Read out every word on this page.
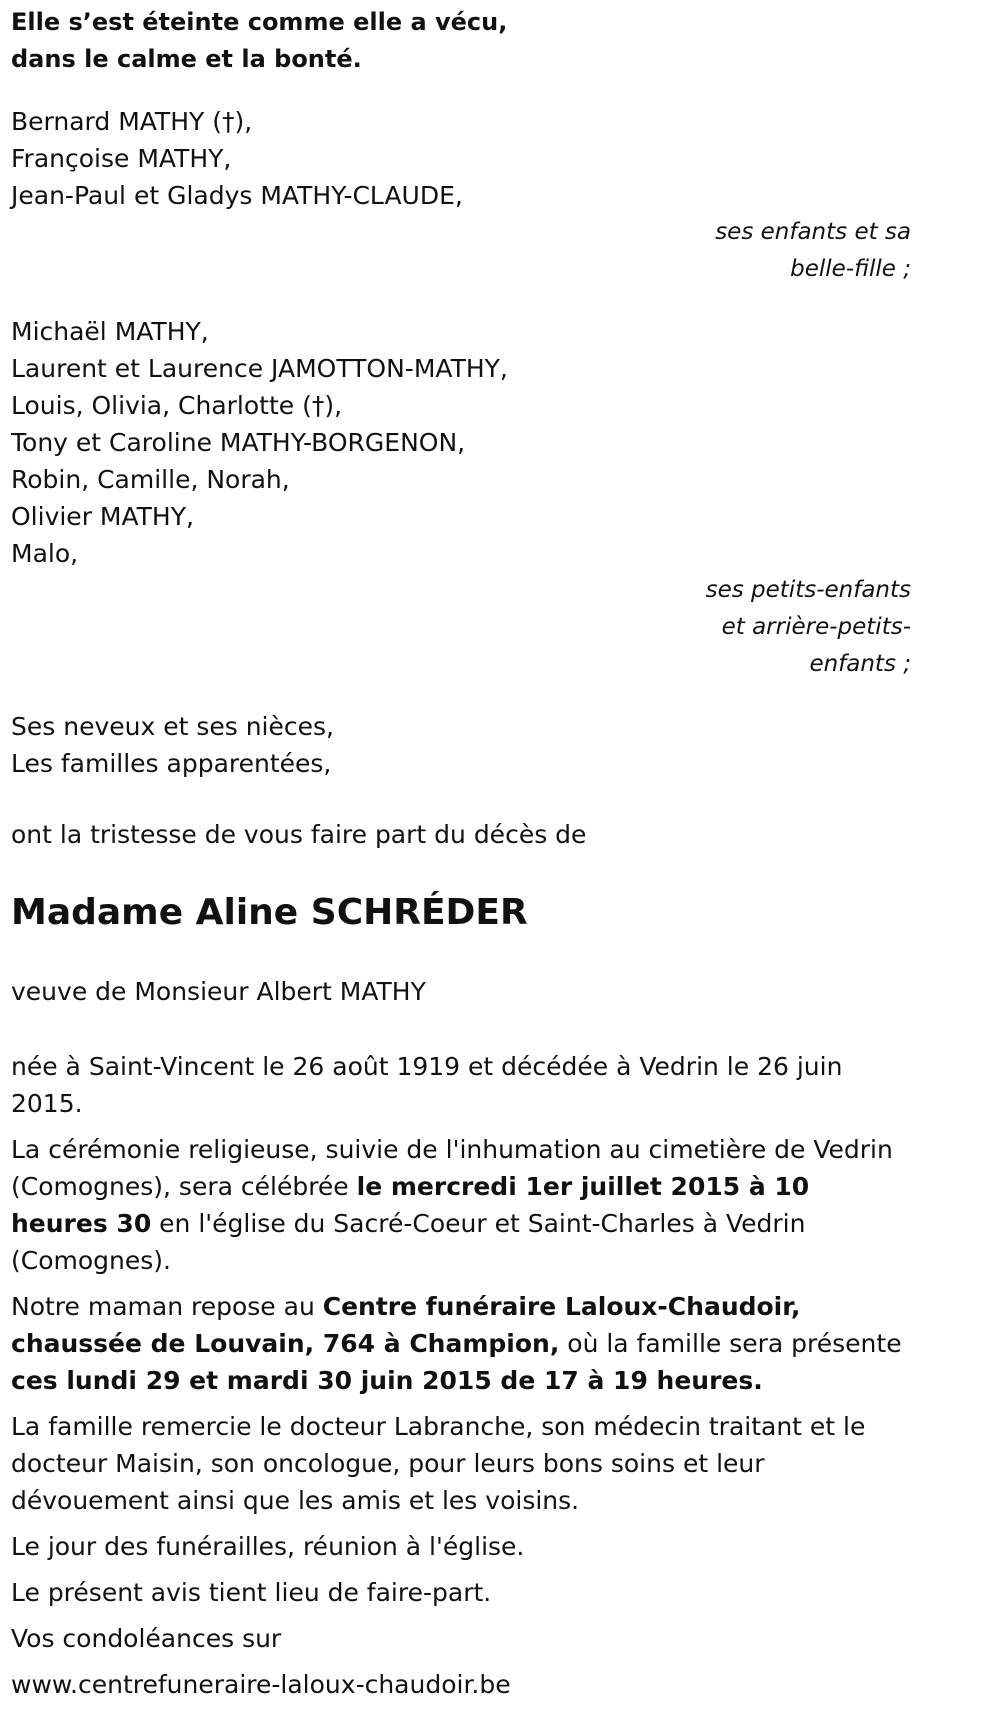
Elle s’est éteinte comme elle a vécu,
dans le calme et la bonté.
Bernard MATHY (†),
Françoise MATHY,
Jean-Paul et Gladys MATHY-CLAUDE,
ses enfants et sa
belle-fille ;
Michaël MATHY,
Laurent et Laurence JAMOTTON-MATHY,
Louis, Olivia, Charlotte (†),
Tony et Caroline MATHY-BORGENON,
Robin, Camille, Norah,
Olivier MATHY,
Malo,
ses petits-enfants
et arrière-petits-
enfants ;
Ses neveux et ses nièces,
Les familles apparentées,
ont la tristesse de vous faire part du décès de
Madame Aline SCHRÉDER
veuve de Monsieur Albert MATHY

née à Saint-Vincent le 26 août 1919 et décédée à Vedrin le 26 juin 2015.

La cérémonie religieuse, suivie de l'inhumation au cimetière de Vedrin (Comognes), sera célébrée le mercredi 1er juillet 2015 à 10 heures 30 en l'église du Sacré-Coeur et Saint-Charles à Vedrin (Comognes).

Notre maman repose au Centre funéraire Laloux-Chaudoir, chaussée de Louvain, 764 à Champion, où la famille sera présente ces lundi 29 et mardi 30 juin 2015 de 17 à 19 heures.

La famille remercie le docteur Labranche, son médecin traitant et le docteur Maisin, son oncologue, pour leurs bons soins et leur dévouement ainsi que les amis et les voisins.

Le jour des funérailles, réunion à l'église.

Le présent avis tient lieu de faire-part.

Vos condoléances sur

www.centrefuneraire-laloux-chaudoir.be
